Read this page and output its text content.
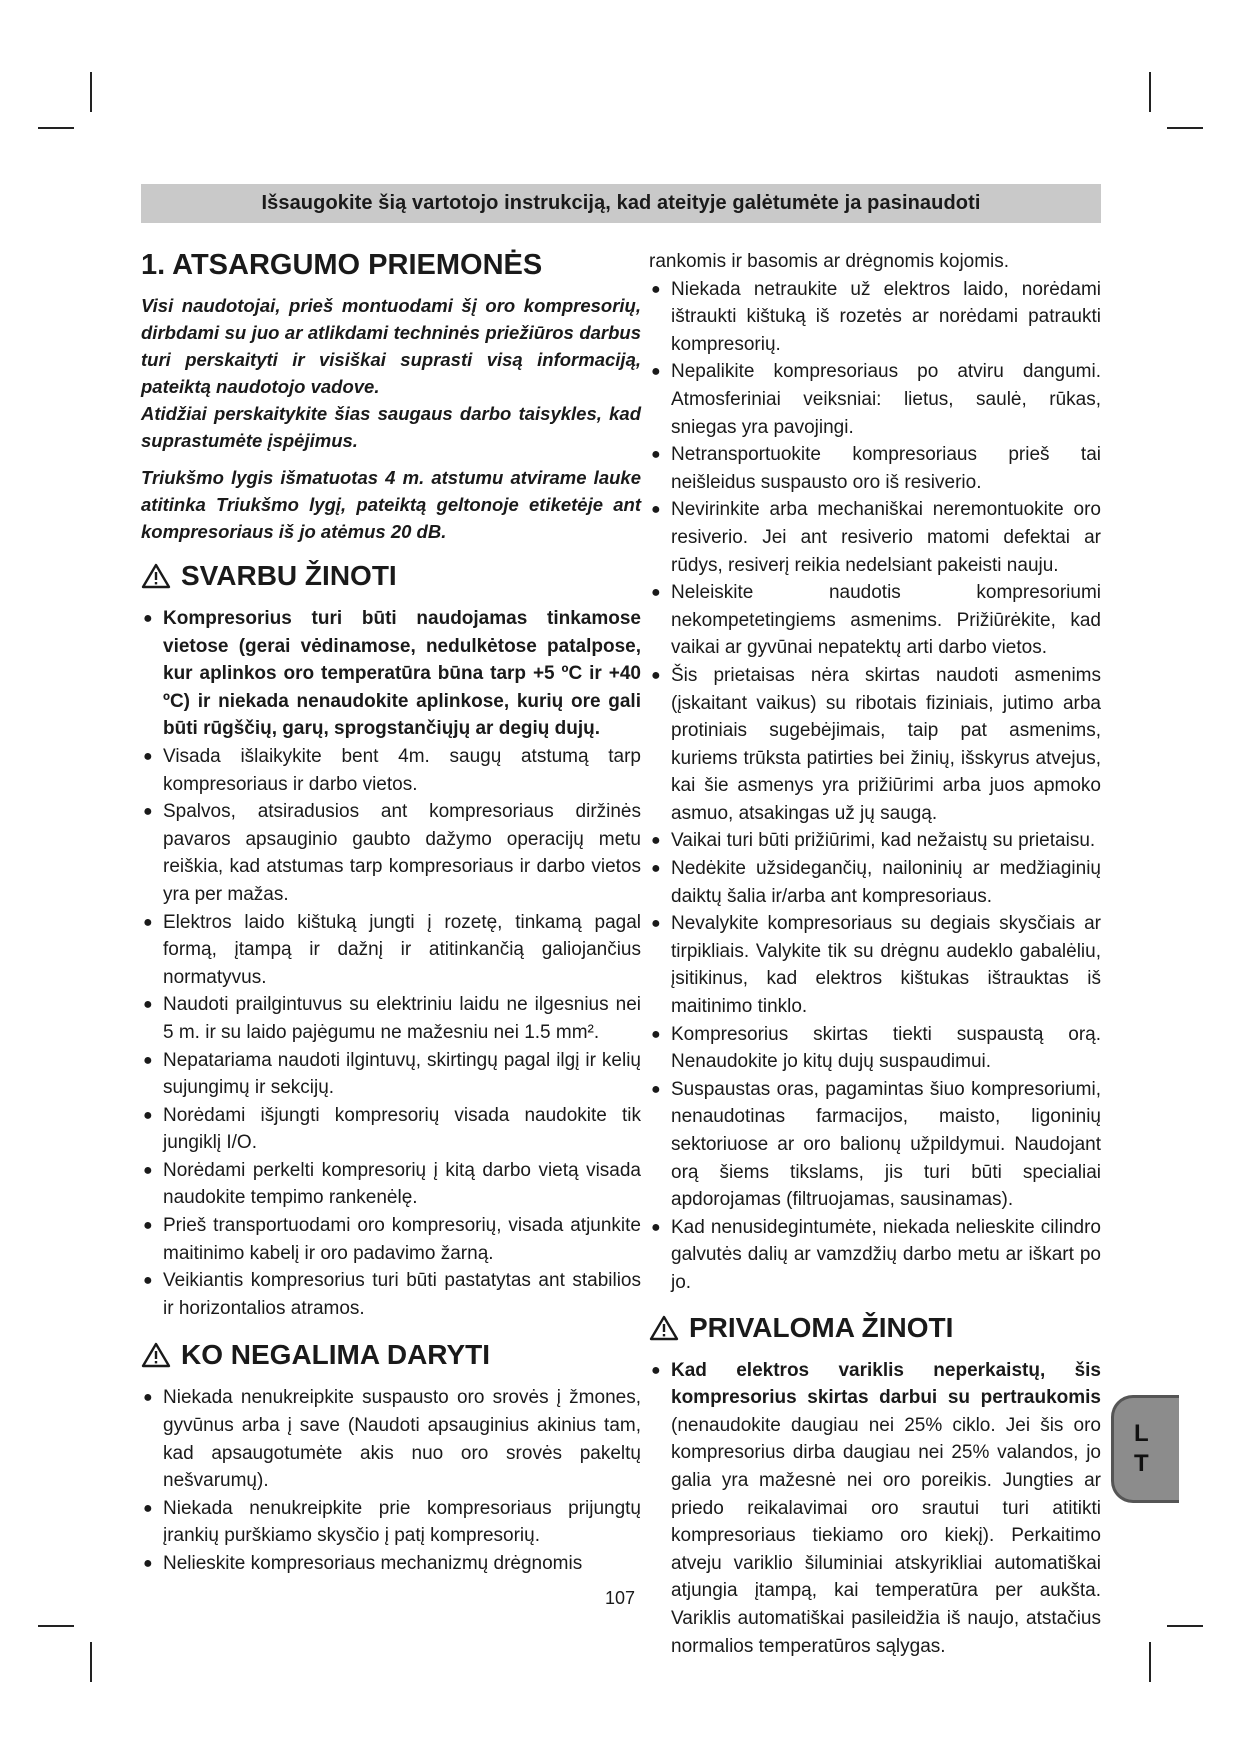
Išsaugokite šią vartotojo instrukciją, kad ateityje galėtumėte ja pasinaudoti
1. ATSARGUMO PRIEMONĖS

Visi naudotojai, prieš montuodami šį oro kompresorių, dirbdami su juo ar atlikdami techninės priežiūros darbus turi perskaityti ir visiškai suprasti visą informaciją, pateiktą naudotojo vadove.

Atidžiai perskaitykite šias saugaus darbo taisykles, kad suprastumėte įspėjimus.

Triukšmo lygis išmatuotas 4 m. atstumu atvirame lauke atitinka Triukšmo lygį, pateiktą geltonoje etiketėje ant kompresoriaus iš jo atėmus 20 dB.

SVARBU ŽINOTI
● Kompresorius turi būti naudojamas tinkamose vietose (gerai vėdinamose, nedulkėtose patalpose, kur aplinkos oro temperatūra būna tarp +5 ºC ir +40 ºC) ir niekada nenaudokite aplinkose, kurių ore gali būti rūgščių, garų, sprogstančiųjų ar degių dujų.
● Visada išlaikykite bent 4m. saugų atstumą tarp kompresoriaus ir darbo vietos.
● Spalvos, atsiradusios ant kompresoriaus diržinės pavaros apsauginio gaubto dažymo operacijų metu reiškia, kad atstumas tarp kompresoriaus ir darbo vietos yra per mažas.
● Elektros laido kištuką jungti į rozetę, tinkamą pagal formą, įtampą ir dažnį ir atitinkančią galiojančius normatyvus.
● Naudoti prailgintuvus su elektriniu laidu ne ilgesnius nei 5 m. ir su laido pajėgumu ne mažesniu nei 1.5 mm².
● Nepatariama naudoti ilgintuvų, skirtingų pagal ilgį ir kelių sujungimų ir sekcijų.
● Norėdami išjungti kompresorių visada naudokite tik jungiklį I/O.
● Norėdami perkelti kompresorių į kitą darbo vietą visada naudokite tempimo rankenėlę.
● Prieš transportuodami oro kompresorių, visada atjunkite maitinimo kabelį ir oro padavimo žarną.
● Veikiantis kompresorius turi būti pastatytas ant stabilios ir horizontalios atramos.
KO NEGALIMA DARYTI
● Niekada nenukreipkite suspausto oro srovės į žmones, gyvūnus arba į save (Naudoti apsauginius akinius tam, kad apsaugotumėte akis nuo oro srovės pakeltų nešvarumų).
● Niekada nenukreipkite prie kompresoriaus prijungtų įrankių purškiamo skysčio į patį kompresorių.
● Nelieskite kompresoriaus mechanizmų drėgnomis
rankomis ir basomis ar drėgnomis kojomis.
● Niekada netraukite už elektros laido, norėdami ištraukti kištuką iš rozetės ar norėdami patraukti kompresorių.
● Nepalikite kompresoriaus po atviru dangumi. Atmosferiniai veiksniai: lietus, saulė, rūkas, sniegas yra pavojingi.
● Netransportuokite kompresoriaus prieš tai neišleidus suspausto oro iš resiverio.
● Nevirinkite arba mechaniškai neremontuokite oro resiverio. Jei ant resiverio matomi defektai ar rūdys, resiverį reikia nedelsiant pakeisti nauju.
● Neleiskite naudotis kompresoriumi nekompetetingiems asmenims. Prižiūrėkite, kad vaikai ar gyvūnai nepatektų arti darbo vietos.
● Šis prietaisas nėra skirtas naudoti asmenims (įskaitant vaikus) su ribotais fiziniais, jutimo arba protiniais sugebėjimais, taip pat asmenims, kuriems trūksta patirties bei žinių, išskyrus atvejus, kai šie asmenys yra prižiūrimi arba juos apmoko asmuo, atsakingas už jų saugą.
● Vaikai turi būti prižiūrimi, kad nežaistų su prietaisu.
● Nedėkite užsidegančių, nailoninių ar medžiaginių daiktų šalia ir/arba ant kompresoriaus.
● Nevalykite kompresoriaus su degiais skysčiais ar tirpikliais. Valykite tik su drėgnu audeklo gabalėliu, įsitikinus, kad elektros kištukas ištrauktas iš maitinimo tinklo.
● Kompresorius skirtas tiekti suspaustą orą. Nenaudokite jo kitų dujų suspaudimui.
● Suspaustas oras, pagamintas šiuo kompresoriumi, nenaudotinas farmacijos, maisto, ligoninių sektoriuose ar oro balionų užpildymui. Naudojant orą šiems tikslams, jis turi būti specialiai apdorojamas (filtruojamas, sausinamas).
● Kad nenusidegintumėte, niekada nelieskite cilindro galvutės dalių ar vamzdžių darbo metu ar iškart po jo.
PRIVALOMA ŽINOTI
● Kad elektros variklis neperkaistų, šis kompresorius skirtas darbui su pertraukomis (nenaudokite daugiau nei 25% ciklo. Jei šis oro kompresorius dirba daugiau nei 25% valandos, jo galia yra mažesnė nei oro poreikis. Jungties ar priedo reikalavimai oro srautui turi atitikti kompresoriaus tiekiamo oro kiekį). Perkaitimo atveju variklio šiluminiai atskyrikliai automatiškai atjungia įtampą, kai temperatūra per aukšta. Variklis automatiškai pasileidžia iš naujo, atstačius normalios temperatūros sąlygas.
107
L
T
